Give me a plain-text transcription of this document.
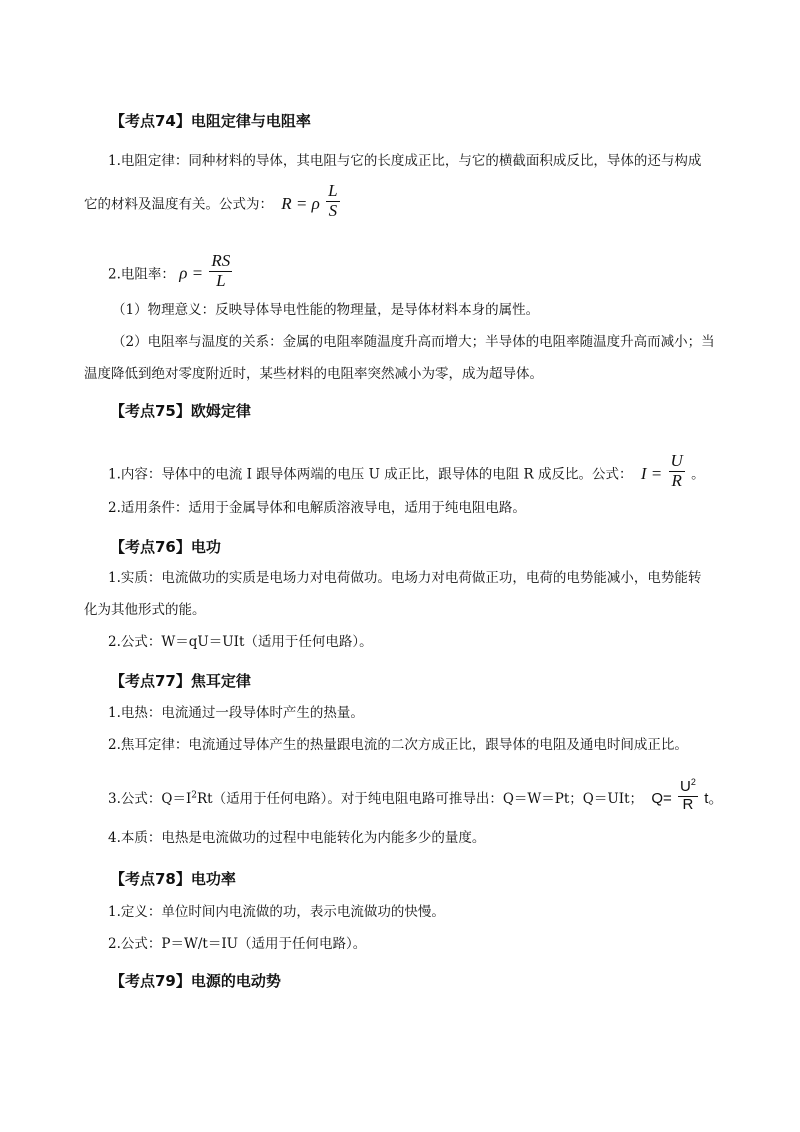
【考点74】电阻定律与电阻率
1.电阻定律：同种材料的导体，其电阻与它的长度成正比，与它的横截面积成反比，导体的还与构成
它的材料及温度有关。公式为： R = ρ $\frac{L}{S}$
2.电阻率： $\rho = \frac{RS}{L}$
（1）物理意义：反映导体导电性能的物理量，是导体材料本身的属性。
（2）电阻率与温度的关系：金属的电阻率随温度升高而增大；半导体的电阻率随温度升高而减小；当
温度降低到绝对零度附近时，某些材料的电阻率突然减小为零，成为超导体。
【考点75】欧姆定律
1.内容：导体中的电流 I 跟导体两端的电压 U 成正比，跟导体的电阻 R 成反比。公式： $I = \frac{U}{R}$ 。
2.适用条件：适用于金属导体和电解质溶液导电，适用于纯电阻电路。
【考点76】电功
1.实质：电流做功的实质是电场力对电荷做功。电场力对电荷做正功，电荷的电势能减小，电势能转
化为其他形式的能。
2.公式：W＝qU＝UIt（适用于任何电路）。
【考点77】焦耳定律
1.电热：电流通过一段导体时产生的热量。
2.焦耳定律：电流通过导体产生的热量跟电流的二次方成正比，跟导体的电阻及通电时间成正比。
3.公式：$Q=I^2Rt$（适用于任何电路）。对于纯电阻电路可推导出：Q＝W＝Pt；Q＝UIt； $Q= \frac{U^2}{R}$ t。
4.本质：电热是电流做功的过程中电能转化为内能多少的量度。
【考点78】电功率
1.定义：单位时间内电流做的功，表示电流做功的快慢。
2.公式：P＝W/t＝IU（适用于任何电路）。
【考点79】电源的电动势
